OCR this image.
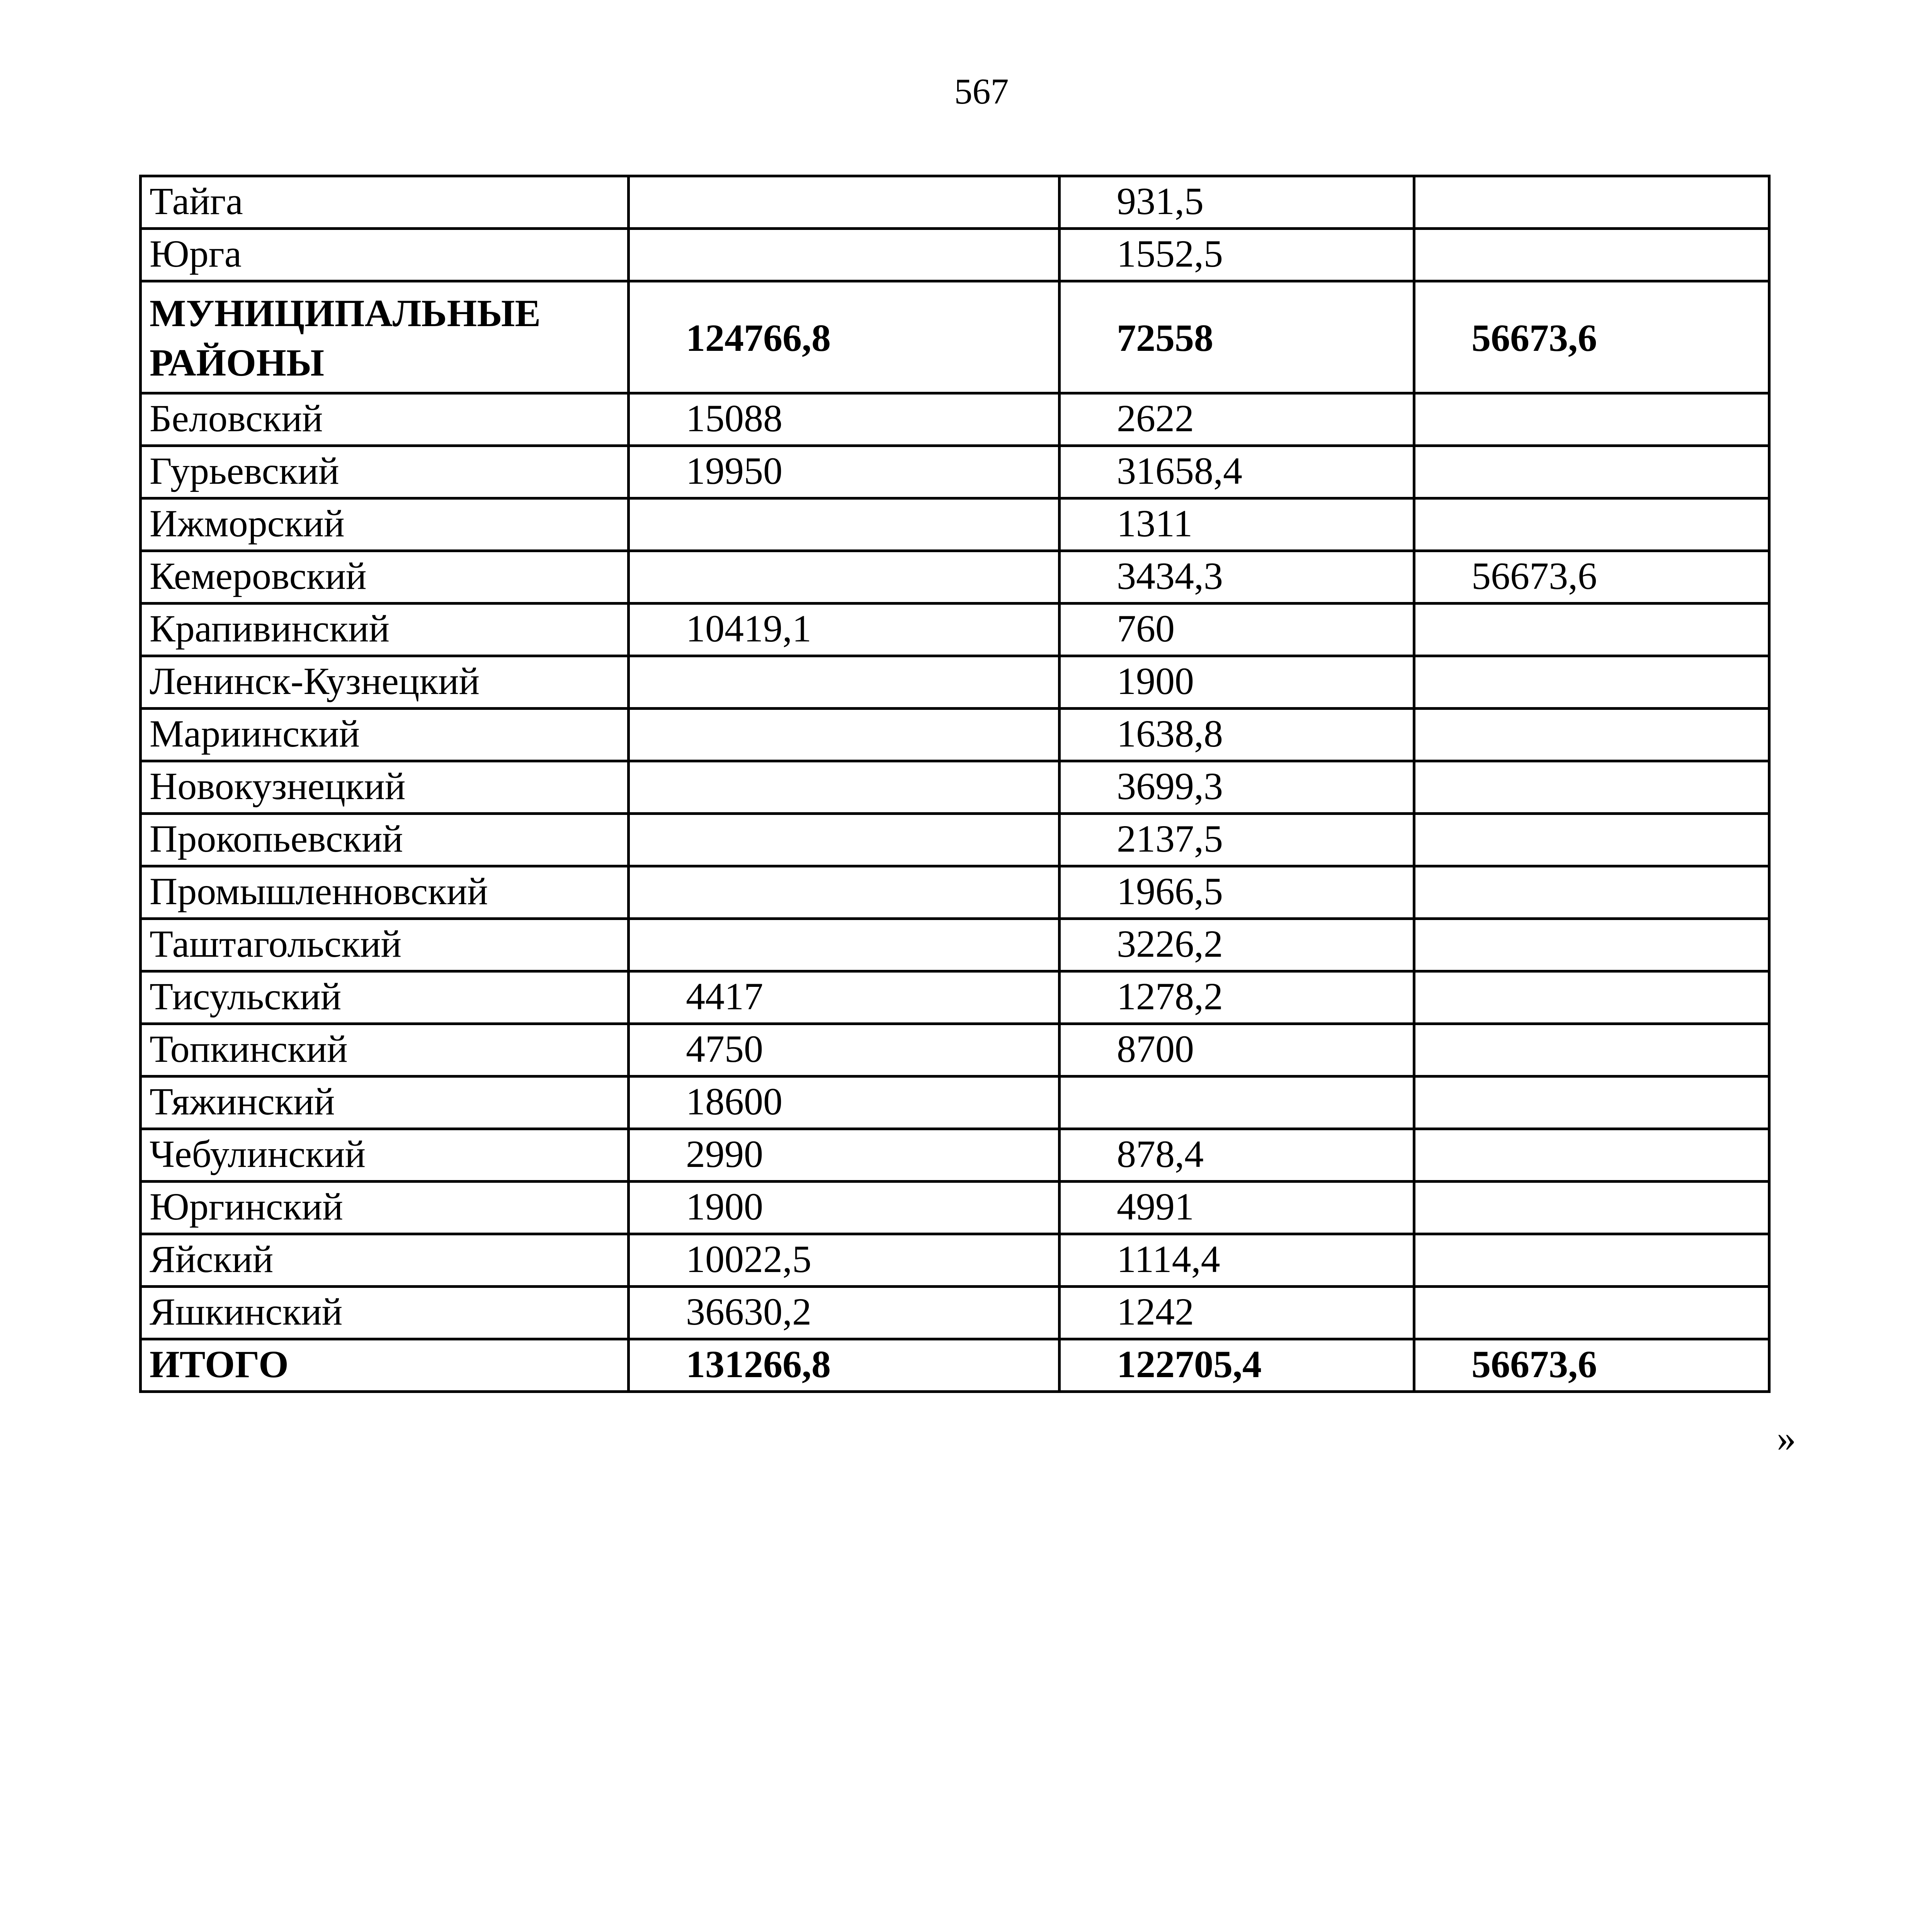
567
Тайга		931,5	
Юрга		1552,5	
МУНИЦИПАЛЬНЫЕ РАЙОНЫ	124766,8	72558	56673,6
Беловский	15088	2622	
Гурьевский	19950	31658,4	
Ижморский		1311	
Кемеровский		3434,3	56673,6
Крапивинский	10419,1	760	
Ленинск-Кузнецкий		1900	
Мариинский		1638,8	
Новокузнецкий		3699,3	
Прокопьевский		2137,5	
Промышленновский		1966,5	
Таштагольский		3226,2	
Тисульский	4417	1278,2	
Топкинский	4750	8700	
Тяжинский	18600		
Чебулинский	2990	878,4	
Юргинский	1900	4991	
Яйский	10022,5	1114,4	
Яшкинский	36630,2	1242	
ИТОГО	131266,8	122705,4	56673,6
»
